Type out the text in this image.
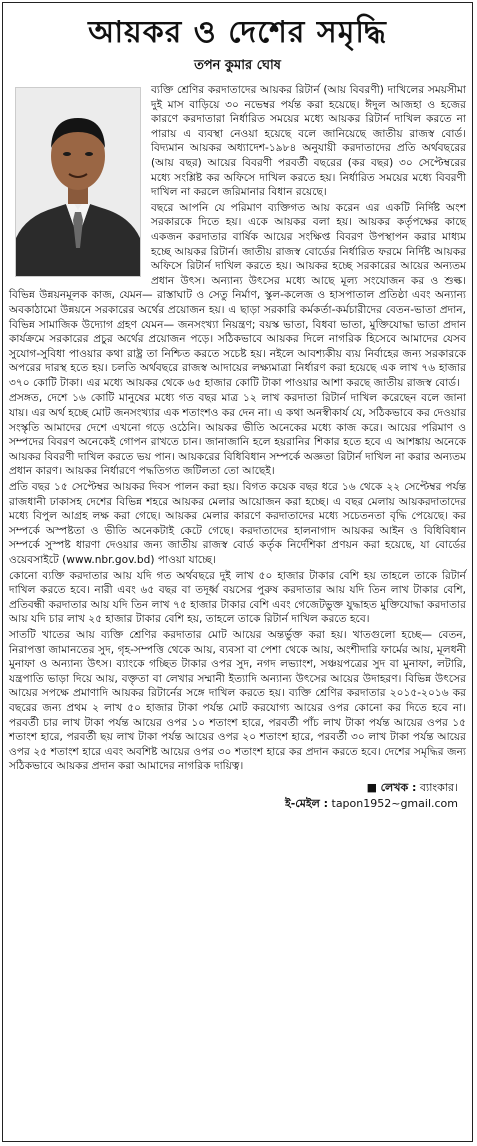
আয়কর ও দেশের সমৃদ্ধি
তপন কুমার ঘোষ

ব্যক্তি শ্রেণির করদাতাদের আয়কর রিটার্ন (আয় বিবরণী) দাখিলের সময়সীমা দুই মাস বাড়িয়ে ৩০ নভেম্বর পর্যন্ত করা হয়েছে। ঈদুল আজহা ও হজের কারণে করদাতারা নির্ধারিত সময়ের মধ্যে আয়কর রিটার্ন দাখিল করতে না পারায় এ ব্যবস্থা নেওয়া হয়েছে বলে জানিয়েছে জাতীয় রাজস্ব বোর্ড। বিদ্যমান আয়কর অধ্যাদেশ-১৯৮৪ অনুযায়ী করদাতাদের প্রতি অর্থবছরের (আয় বছর) আয়ের বিবরণী পরবর্তী বছরের (কর বছর) ৩০ সেপ্টেম্বরের মধ্যে সংশ্লিষ্ট কর অফিসে দাখিল করতে হয়। নির্ধারিত সময়ের মধ্যে বিবরণী দাখিল না করলে জরিমানার বিধান রয়েছে।

বছরে আপনি যে পরিমাণ ব্যক্তিগত আয় করেন এর একটি নির্দিষ্ট অংশ সরকারকে দিতে হয়। একে আয়কর বলা হয়। আয়কর কর্তৃপক্ষের কাছে একজন করদাতার বার্ষিক আয়ের সংক্ষিপ্ত বিবরণ উপস্থাপন করার মাধ্যম হচ্ছে আয়কর রিটার্ন। জাতীয় রাজস্ব বোর্ডের নির্ধারিত ফরমে নির্দিষ্ট আয়কর অফিসে রিটার্ন দাখিল করতে হয়। আয়কর হচ্ছে সরকারের আয়ের অন্যতম প্রধান উৎস। অন্যান্য উৎসের মধ্যে আছে মূল্য সংযোজন কর ও শুল্ক। বিভিন্ন উন্নয়নমূলক কাজ, যেমন— রাস্তাঘাট ও সেতু নির্মাণ, স্কুল-কলেজ ও হাসপাতাল প্রতিষ্ঠা এবং অন্যান্য অবকাঠামো উন্নয়নে সরকারের অর্থের প্রয়োজন হয়। এ ছাড়া সরকারি কর্মকর্তা-কর্মচারীদের বেতন-ভাতা প্রদান, বিভিন্ন সামাজিক উদ্যোগ গ্রহণ যেমন— জনসংখ্যা নিয়ন্ত্রণ; বয়স্ক ভাতা, বিধবা ভাতা, মুক্তিযোদ্ধা ভাতা প্রদান কার্যক্রমে সরকারের প্রচুর অর্থের প্রয়োজন পড়ে। সঠিকভাবে আয়কর দিলে নাগরিক হিসেবে আমাদের যেসব সুযোগ-সুবিধা পাওয়ার কথা রাষ্ট্র তা নিশ্চিত করতে সচেষ্ট হয়। নইলে আবশ্যকীয় ব্যয় নির্বাহের জন্য সরকারকে অপরের দারস্থ হতে হয়। চলতি অর্থবছরে রাজস্ব আদায়ের লক্ষ্যমাত্রা নির্ধারণ করা হয়েছে এক লাখ ৭৬ হাজার ৩৭০ কোটি টাকা। এর মধ্যে আয়কর থেকে ৬৫ হাজার কোটি টাকা পাওয়ার আশা করছে জাতীয় রাজস্ব বোর্ড।

প্রসঙ্গত, দেশে ১৬ কোটি মানুষের মধ্যে গত বছর মাত্র ১২ লাখ করদাতা রিটার্ন দাখিল করেছেন বলে জানা যায়। এর অর্থ হচ্ছে মোট জনসংখ্যার এক শতাংশও কর দেন না। এ কথা অনস্বীকার্য যে, সঠিকভাবে কর দেওয়ার সংস্কৃতি আমাদের দেশে এখনো গড়ে ওঠেনি। আয়কর ভীতি অনেকের মধ্যে কাজ করে। আয়ের পরিমাণ ও সম্পদের বিবরণ অনেকেই গোপন রাখতে চান। জানাজানি হলে হয়রানির শিকার হতে হবে এ আশঙ্কায় অনেকে আয়কর বিবরণী দাখিল করতে ভয় পান। আয়করের বিধিবিধান সম্পর্কে অজ্ঞতা রিটার্ন দাখিল না করার অন্যতম প্রধান কারণ। আয়কর নির্ধারণে পদ্ধতিগত জটিলতা তো আছেই।

প্রতি বছর ১৫ সেপ্টেম্বর আয়কর দিবস পালন করা হয়। বিগত কয়েক বছর ধরে ১৬ থেকে ২২ সেপ্টেম্বর পর্যন্ত রাজধানী ঢাকাসহ দেশের বিভিন্ন শহরে আয়কর মেলার আয়োজন করা হচ্ছে। এ বছর মেলায় আয়করদাতাদের মধ্যে বিপুল আগ্রহ লক্ষ করা গেছে। আয়কর মেলার কারণে করদাতাদের মধ্যে সচেতনতা বৃদ্ধি পেয়েছে। কর সম্পর্কে অস্পষ্টতা ও ভীতি অনেকটাই কেটে গেছে। করদাতাদের হালনাগাদ আয়কর আইন ও বিধিবিধান সম্পর্কে সুস্পষ্ট ধারণা দেওয়ার জন্য জাতীয় রাজস্ব বোর্ড কর্তৃক নির্দেশিকা প্রণয়ন করা হয়েছে, যা বোর্ডের ওয়েবসাইটে (www.nbr.gov.bd) পাওয়া যাচ্ছে।

কোনো ব্যক্তি করদাতার আয় যদি গত অর্থবছরে দুই লাখ ৫০ হাজার টাকার বেশি হয় তাহলে তাকে রিটার্ন দাখিল করতে হবে। নারী এবং ৬৫ বছর বা তদূর্ধ্ব বয়সের পুরুষ করদাতার আয় যদি তিন লাখ টাকার বেশি, প্রতিবন্ধী করদাতার আয় যদি তিন লাখ ৭৫ হাজার টাকার বেশি এবং গেজেটভুক্ত যুদ্ধাহত মুক্তিযোদ্ধা করদাতার আয় যদি চার লাখ ২৫ হাজার টাকার বেশি হয়, তাহলে তাকে রিটার্ন দাখিল করতে হবে।

সাতটি খাতের আয় ব্যক্তি শ্রেণির করদাতার মোট আয়ের অন্তর্ভুক্ত করা হয়। খাতগুলো হচ্ছে— বেতন, নিরাপত্তা জামানতের সুদ, গৃহ-সম্পত্তি থেকে আয়, ব্যবসা বা পেশা থেকে আয়, অংশীদারি ফার্মের আয়, মূলধনী মুনাফা ও অন্যান্য উৎস। ব্যাংকে গচ্ছিত টাকার ওপর সুদ, নগদ লভ্যাংশ, সঞ্চয়পত্রের সুদ বা মুনাফা, লটারি, যন্ত্রপাতি ভাড়া দিয়ে আয়, বক্তৃতা বা লেখার সম্মানী ইত্যাদি অন্যান্য উৎসের আয়ের উদাহরণ। বিভিন্ন উৎসের আয়ের সপক্ষে প্রমাণাদি আয়কর রিটার্নের সঙ্গে দাখিল করতে হয়। ব্যক্তি শ্রেণির করদাতার ২০১৫-২০১৬ কর বছরের জন্য প্রথম ২ লাখ ৫০ হাজার টাকা পর্যন্ত মোট করযোগ্য আয়ের ওপর কোনো কর দিতে হবে না। পরবর্তী চার লাখ টাকা পর্যন্ত আয়ের ওপর ১০ শতাংশ হারে, পরবর্তী পাঁচ লাখ টাকা পর্যন্ত আয়ের ওপর ১৫ শতাংশ হারে, পরবর্তী ছয় লাখ টাকা পর্যন্ত আয়ের ওপর ২০ শতাংশ হারে, পরবর্তী ৩০ লাখ টাকা পর্যন্ত আয়ের ওপর ২৫ শতাংশ হারে এবং অবশিষ্ট আয়ের ওপর ৩০ শতাংশ হারে কর প্রদান করতে হবে। দেশের সমৃদ্ধির জন্য সঠিকভাবে আয়কর প্রদান করা আমাদের নাগরিক দায়িত্ব।

■ লেখক : ব্যাংকার।
ই-মেইল : tapon1952~gmail.com
